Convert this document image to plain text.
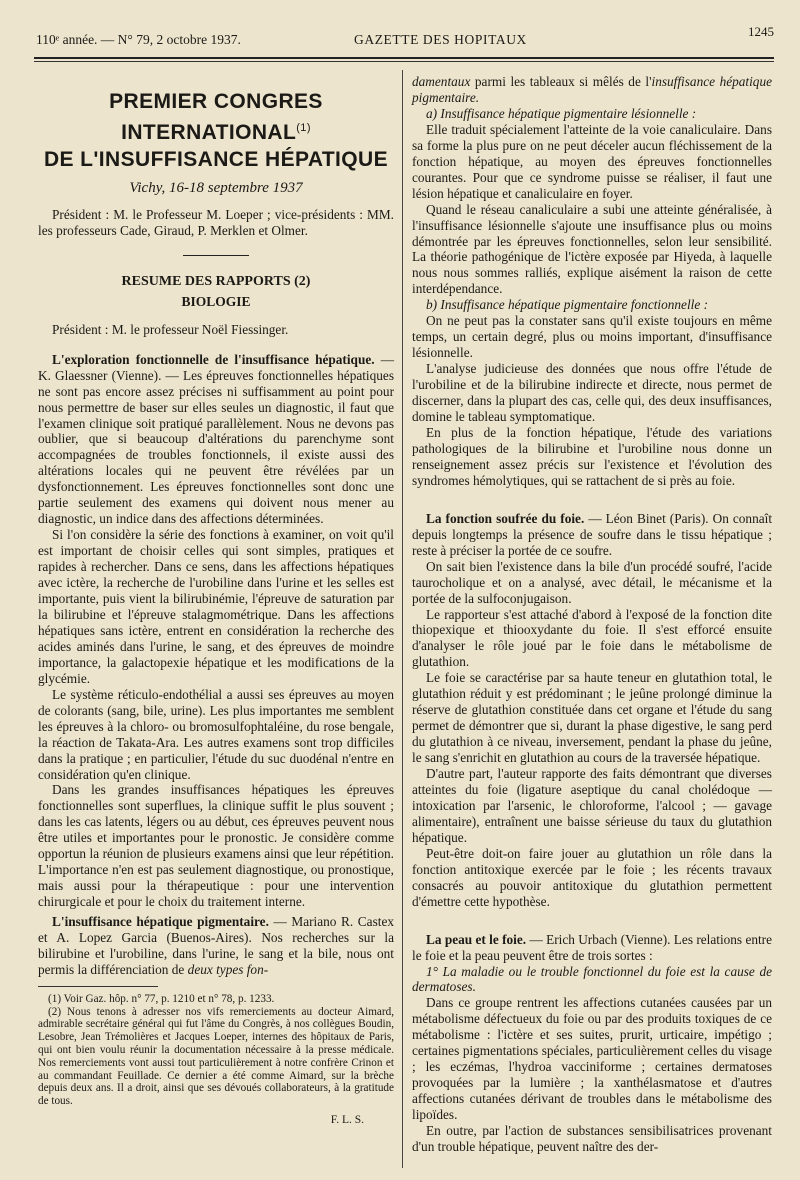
110ᵉ année. — N° 79, 2 octobre 1937.	GAZETTE DES HOPITAUX
1245
PREMIER CONGRES INTERNATIONAL$^{(1)}$
DE L'INSUFFISANCE HÉPATIQUE
Vichy, 16-18 septembre 1937

Président : M. le Professeur M. Loeper ; vice-présidents : MM. les professeurs Cade, Giraud, P. Merklen et Olmer.

RESUME DES RAPPORTS (2)
BIOLOGIE

Président : M. le professeur Noël Fiessinger.

L'exploration fonctionnelle de l'insuffisance hépatique. — K. Glaessner (Vienne). — Les épreuves fonctionnelles hépatiques ne sont pas encore assez précises ni suffisamment au point pour nous permettre de baser sur elles seules un diagnostic, il faut que l'examen clinique soit pratiqué parallèlement. Nous ne devons pas oublier, que si beaucoup d'altérations du parenchyme sont accompagnées de troubles fonctionnels, il existe aussi des altérations locales qui ne peuvent être révélées par un dysfonctionnement. Les épreuves fonctionnelles sont donc une partie seulement des examens qui doivent nous mener au diagnostic, un indice dans des affections déterminées.

Si l'on considère la série des fonctions à examiner, on voit qu'il est important de choisir celles qui sont simples, pratiques et rapides à rechercher. Dans ce sens, dans les affections hépatiques avec ictère, la recherche de l'urobiline dans l'urine et les selles est importante, puis vient la bilirubinémie, l'épreuve de saturation par la bilirubine et l'épreuve stalagmométrique. Dans les affections hépatiques sans ictère, entrent en considération la recherche des acides aminés dans l'urine, le sang, et des épreuves de moindre importance, la galactopexie hépatique et les modifications de la glycémie.

Le système réticulo-endothélial a aussi ses épreuves au moyen de colorants (sang, bile, urine). Les plus importantes me semblent les épreuves à la chloro- ou bromosulfophtaléine, du rose bengale, la réaction de Takata-Ara. Les autres examens sont trop difficiles dans la pratique ; en particulier, l'étude du suc duodénal n'entre en considération qu'en clinique.

Dans les grandes insuffisances hépatiques les épreuves fonctionnelles sont superflues, la clinique suffit le plus souvent ; dans les cas latents, légers ou au début, ces épreuves peuvent nous être utiles et importantes pour le pronostic. Je considère comme opportun la réunion de plusieurs examens ainsi que leur répétition. L'importance n'en est pas seulement diagnostique, ou pronostique, mais aussi pour la thérapeutique : pour une intervention chirurgicale et pour le choix du traitement interne.

L'insuffisance hépatique pigmentaire. — Mariano R. Castex et A. Lopez Garcia (Buenos-Aires). Nos recherches sur la bilirubine et l'urobiline, dans l'urine, le sang et la bile, nous ont permis la différenciation de deux types fon-

(1) Voir Gaz. hôp. n° 77, p. 1210 et n° 78, p. 1233.

(2) Nous tenons à adresser nos vifs remerciements au docteur Aimard, admirable secrétaire général qui fut l'âme du Congrès, à nos collègues Boudin, Lesobre, Jean Trémolières et Jacques Loeper, internes des hôpitaux de Paris, qui ont bien voulu réunir la documentation nécessaire à la presse médicale. Nos remerciements vont aussi tout particulièrement à notre confrère Crinon et au commandant Feuillade. Ce dernier a été comme Aimard, sur la brèche depuis deux ans. Il a droit, ainsi que ses dévoués collaborateurs, à la gratitude de tous.

F. L. S.

damentaux parmi les tableaux si mêlés de l'insuffisance hépatique pigmentaire.

a) Insuffisance hépatique pigmentaire lésionnelle :

Elle traduit spécialement l'atteinte de la voie canaliculaire. Dans sa forme la plus pure on ne peut déceler aucun fléchissement de la fonction hépatique, au moyen des épreuves fonctionnelles courantes. Pour que ce syndrome puisse se réaliser, il faut une lésion hépatique et canaliculaire en foyer.

Quand le réseau canaliculaire a subi une atteinte généralisée, à l'insuffisance lésionnelle s'ajoute une insuffisance plus ou moins démontrée par les épreuves fonctionnelles, selon leur sensibilité. La théorie pathogénique de l'ictère exposée par Hiyeda, à laquelle nous nous sommes ralliés, explique aisément la raison de cette interdépendance.

b) Insuffisance hépatique pigmentaire fonctionnelle :

On ne peut pas la constater sans qu'il existe toujours en même temps, un certain degré, plus ou moins important, d'insuffisance lésionnelle.

L'analyse judicieuse des données que nous offre l'étude de l'urobiline et de la bilirubine indirecte et directe, nous permet de discerner, dans la plupart des cas, celle qui, des deux insuffisances, domine le tableau symptomatique.

En plus de la fonction hépatique, l'étude des variations pathologiques de la bilirubine et l'urobiline nous donne un renseignement assez précis sur l'existence et l'évolution des syndromes hémolytiques, qui se rattachent de si près au foie.

La fonction soufrée du foie. — Léon Binet (Paris). On connaît depuis longtemps la présence de soufre dans le tissu hépatique ; reste à préciser la portée de ce soufre.

On sait bien l'existence dans la bile d'un procédé soufré, l'acide taurocholique et on a analysé, avec détail, le mécanisme et la portée de la sulfoconjugaison.

Le rapporteur s'est attaché d'abord à l'exposé de la fonction dite thiopexique et thiooxydante du foie. Il s'est efforcé ensuite d'analyser le rôle joué par le foie dans le métabolisme de glutathion.

Le foie se caractérise par sa haute teneur en glutathion total, le glutathion réduit y est prédominant ; le jeûne prolongé diminue la réserve de glutathion constituée dans cet organe et l'étude du sang permet de démontrer que si, durant la phase digestive, le sang perd du glutathion à ce niveau, inversement, pendant la phase du jeûne, le sang s'enrichit en glutathion au cours de la traversée hépatique.

D'autre part, l'auteur rapporte des faits démontrant que diverses atteintes du foie (ligature aseptique du canal cholédoque — intoxication par l'arsenic, le chloroforme, l'alcool ; — gavage alimentaire), entraînent une baisse sérieuse du taux du glutathion hépatique.

Peut-être doit-on faire jouer au glutathion un rôle dans la fonction antitoxique exercée par le foie ; les récents travaux consacrés au pouvoir antitoxique du glutathion permettent d'émettre cette hypothèse.

La peau et le foie. — Erich Urbach (Vienne). Les relations entre le foie et la peau peuvent être de trois sortes :

1° La maladie ou le trouble fonctionnel du foie est la cause de dermatoses.

Dans ce groupe rentrent les affections cutanées causées par un métabolisme défectueux du foie ou par des produits toxiques de ce métabolisme : l'ictère et ses suites, prurit, urticaire, impétigo ; certaines pigmentations spéciales, particulièrement celles du visage ; les eczémas, l'hydroa vacciniforme ; certaines dermatoses provoquées par la lumière ; la xanthélasmatose et d'autres affections cutanées dérivant de troubles dans le métabolisme des lipoïdes.

En outre, par l'action de substances sensibilisatrices provenant d'un trouble hépatique, peuvent naître des der-
